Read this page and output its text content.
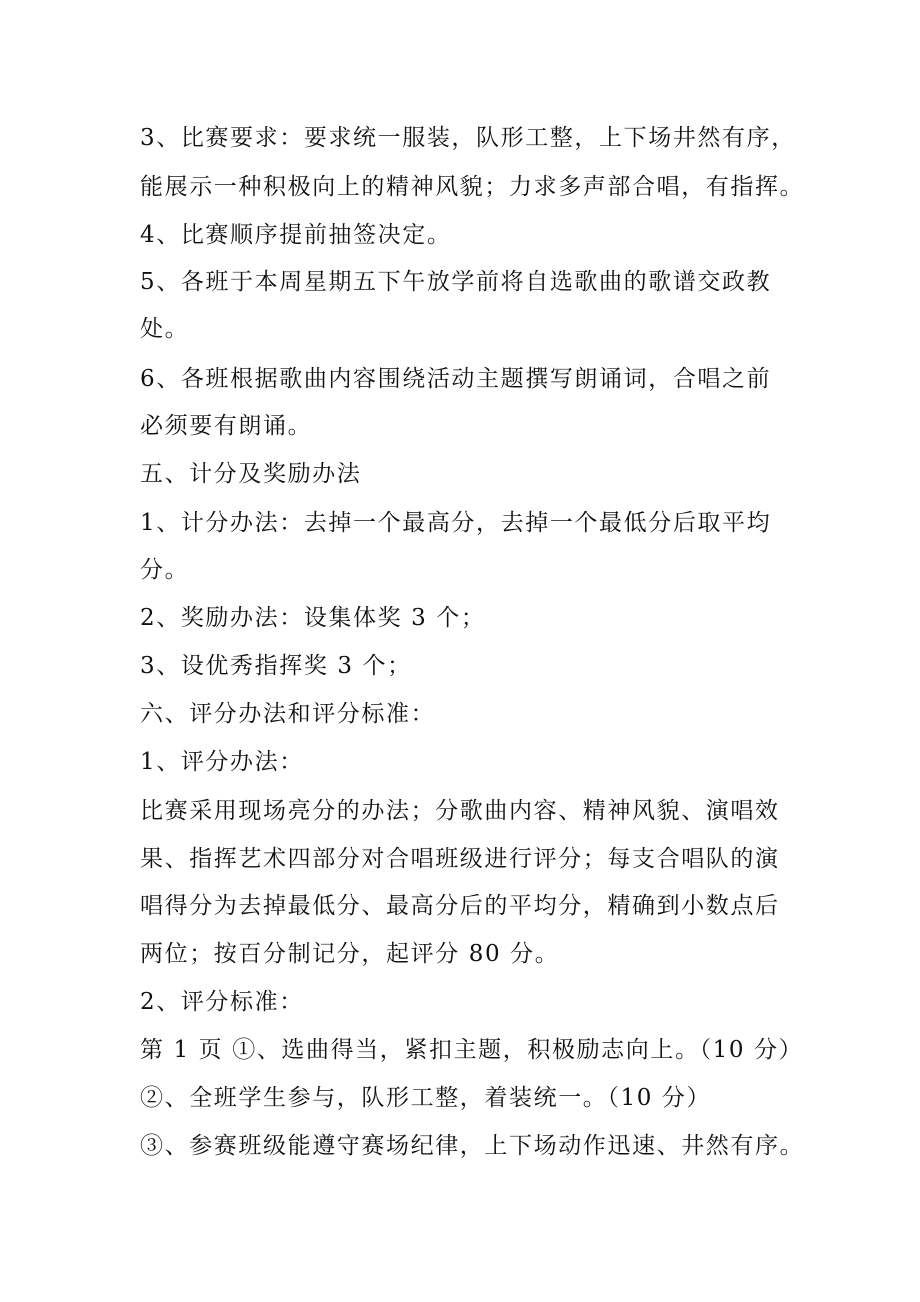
3、比赛要求：要求统一服装，队形工整，上下场井然有序，
能展示一种积极向上的精神风貌；力求多声部合唱，有指挥。
4、比赛顺序提前抽签决定。
5、各班于本周星期五下午放学前将自选歌曲的歌谱交政教
处。
6、各班根据歌曲内容围绕活动主题撰写朗诵词，合唱之前
必须要有朗诵。
五、计分及奖励办法
1、计分办法：去掉一个最高分，去掉一个最低分后取平均
分。
2、奖励办法：设集体奖 3 个；
3、设优秀指挥奖 3 个；
六、评分办法和评分标准：
1、评分办法：
比赛采用现场亮分的办法；分歌曲内容、精神风貌、演唱效
果、指挥艺术四部分对合唱班级进行评分；每支合唱队的演
唱得分为去掉最低分、最高分后的平均分，精确到小数点后
两位；按百分制记分，起评分 80 分。
2、评分标准：
第 1 页 ①、选曲得当，紧扣主题，积极励志向上。（10 分）
②、全班学生参与，队形工整，着装统一。（10 分）
③、参赛班级能遵守赛场纪律，上下场动作迅速、井然有序。
